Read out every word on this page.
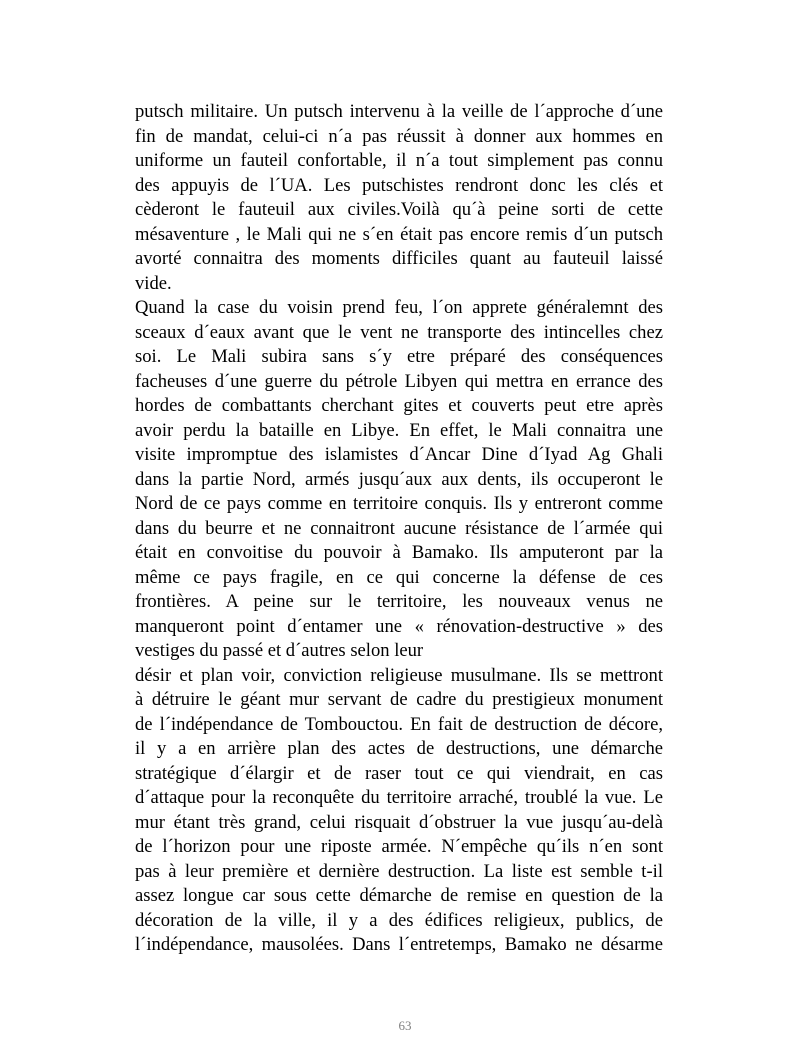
putsch militaire. Un putsch intervenu à la veille de l´approche d´une
fin de mandat, celui-ci n´a pas réussit à donner aux hommes en
uniforme un fauteil confortable, il n´a tout simplement pas connu
des appuyis de l´UA. Les putschistes rendront donc les clés et
cèderont le fauteuil aux civiles.Voilà qu´à peine sorti de cette
mésaventure , le Mali qui ne s´en était pas encore remis d´un putsch
avorté connaitra des moments difficiles quant au fauteuil laissé
vide.
Quand la case du voisin prend feu, l´on apprete généralemnt des
sceaux d´eaux avant que le vent ne transporte des intincelles chez
soi. Le Mali subira sans s´y etre préparé des conséquences
facheuses d´une guerre du pétrole Libyen qui mettra en errance des
hordes de combattants cherchant gites et couverts peut etre après
avoir perdu la bataille en Libye. En effet, le Mali connaitra une
visite impromptue des islamistes d´Ancar Dine d´Iyad Ag Ghali
dans la partie Nord, armés jusqu´aux aux dents, ils occuperont le
Nord de ce pays comme en territoire conquis. Ils y entreront comme
dans du beurre et ne connaitront aucune résistance de l´armée qui
était en convoitise du pouvoir à Bamako. Ils amputeront par la
même ce pays fragile, en ce qui concerne la défense de ces
frontières. A peine sur le territoire, les nouveaux venus ne
manqueront point d´entamer une « rénovation-destructive » des
vestiges du passé et d´autres selon leur
désir et plan voir, conviction religieuse musulmane. Ils se mettront
à détruire le géant mur servant de cadre du prestigieux monument
de l´indépendance de Tombouctou. En fait de destruction de décore,
il y a en arrière plan des actes de destructions, une démarche
stratégique d´élargir et de raser tout ce qui viendrait, en cas
d´attaque pour la reconquête du territoire arraché, troublé la vue. Le
mur étant très grand, celui risquait d´obstruer la vue jusqu´au-delà
de l´horizon pour une riposte armée. N´empêche qu´ils n´en sont
pas à leur première et dernière destruction. La liste est semble t-il
assez longue car sous cette démarche de remise en question de la
décoration de la ville, il y a des édifices religieux, publics, de
l´indépendance, mausolées. Dans l´entretemps, Bamako ne désarme
63
